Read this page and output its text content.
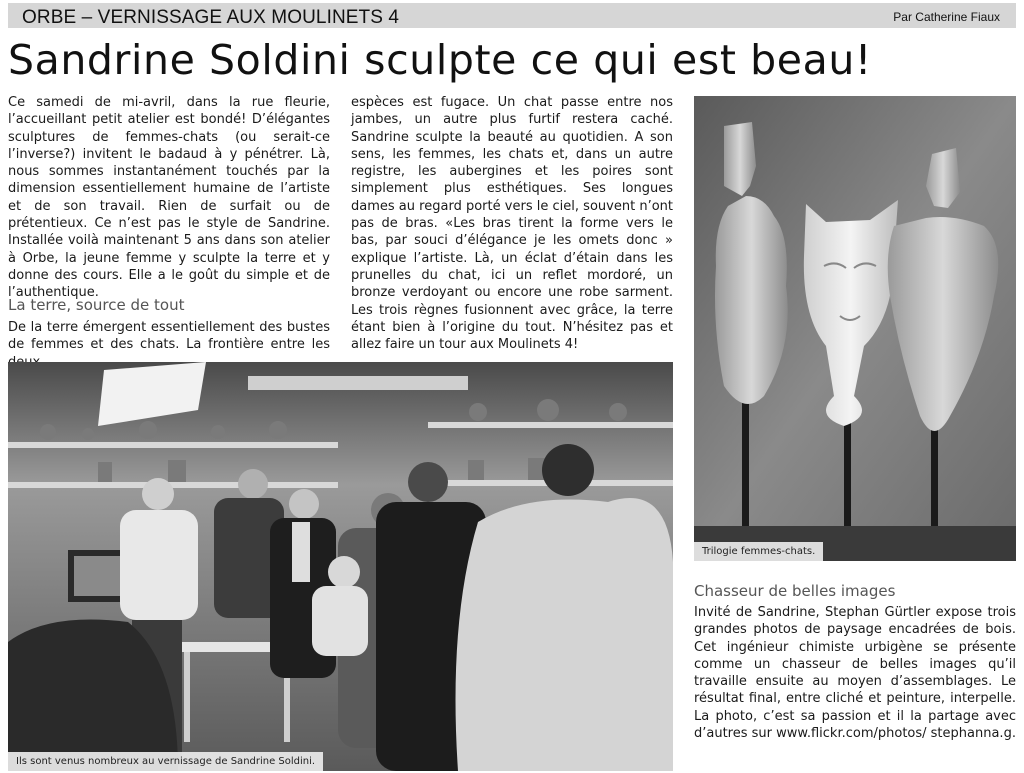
ORBE – VERNISSAGE AUX MOULINETS 4	Par Catherine Fiaux
Sandrine Soldini sculpte ce qui est beau!

Ce samedi de mi-avril, dans la rue fleurie, l’accueillant petit atelier est bondé! D’élégantes sculptures de femmes-chats (ou serait-ce l’inverse?) invitent le badaud à y pénétrer. Là, nous sommes instantanément touchés par la dimension essentiellement humaine de l’artiste et de son travail. Rien de surfait ou de prétentieux. Ce n’est pas le style de Sandrine. Installée voilà maintenant 5 ans dans son atelier à Orbe, la jeune femme y sculpte la terre et y donne des cours. Elle a le goût du simple et de l’authentique.

La terre, source de tout

De la terre émergent essentiellement des bustes de femmes et des chats. La frontière entre les

espèces est fugace. Un chat passe entre nos jambes, un autre plus furtif restera caché. Sandrine sculpte la beauté au quotidien. A son sens, les femmes, les chats et, dans un autre registre, les aubergines et les poires sont simplement plus esthétiques. Ses longues dames au regard porté vers le ciel, souvent n’ont pas de bras. «Les bras tirent la forme vers le bas, par souci d’élégance je les omets donc » explique l’artiste. Là, un éclat d’étain dans les prunelles du chat, ici un reflet mordoré, un bronze verdoyant ou encore une robe sarment. Les trois règnes fusionnent avec grâce, la terre étant bien à l’origine du tout. N’hésitez pas et allez faire un tour aux Moulinets 4!

Trilogie femmes-chats.
Chasseur de belles images

Invité de Sandrine, Stephan Gürtler expose trois grandes photos de paysage encadrées de bois. Cet ingénieur chimiste urbigène se présente comme un chasseur de belles images qu’il travaille ensuite au moyen d’assemblages. Le résultat final, entre cliché et peinture, interpelle. La photo, c’est sa passion et il la partage avec d’autres sur www.flickr.com/photos/ stephanna.g.

Ils sont venus nombreux au vernissage de Sandrine Soldini.
